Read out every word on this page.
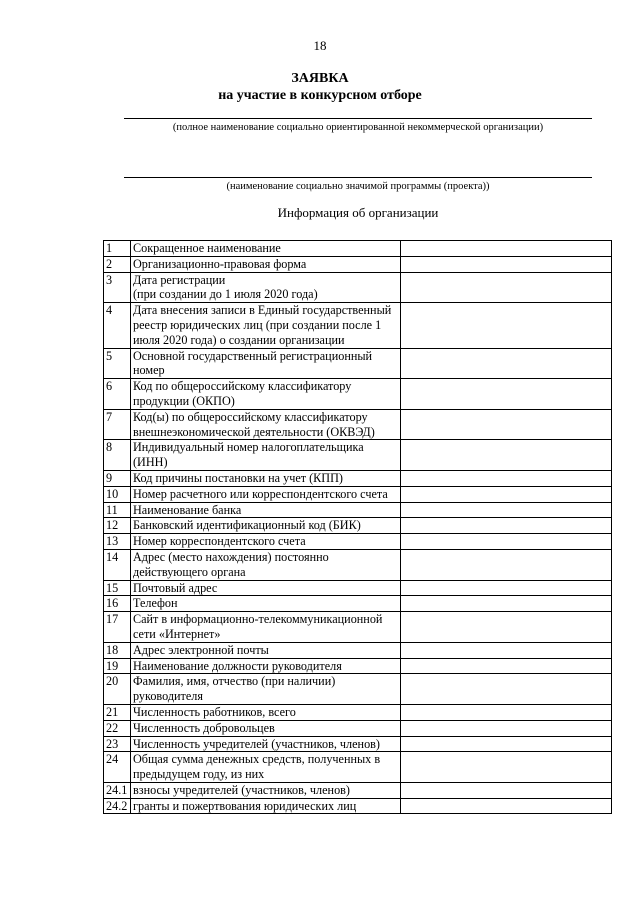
18
ЗАЯВКА
на участие в конкурсном отборе
(полное наименование социально ориентированной некоммерческой организации)
(наименование социально значимой программы (проекта))
Информация об организации
1	Сокращенное наименование	
2	Организационно-правовая форма	
3	Дата регистрации
(при создании до 1 июля 2020 года)	
4	Дата внесения записи в Единый государственный реестр юридических лиц (при создании после 1 июля 2020 года) о создании организации	
5	Основной государственный регистрационный номер	
6	Код по общероссийскому классификатору продукции (ОКПО)	
7	Код(ы) по общероссийскому классификатору внешнеэкономической деятельности (ОКВЭД)	
8	Индивидуальный номер налогоплательщика (ИНН)	
9	Код причины постановки на учет (КПП)	
10	Номер расчетного или корреспондентского счета	
11	Наименование банка	
12	Банковский идентификационный код (БИК)	
13	Номер корреспондентского счета	
14	Адрес (место нахождения) постоянно действующего органа	
15	Почтовый адрес	
16	Телефон	
17	Сайт в информационно-телекоммуникационной сети «Интернет»	
18	Адрес электронной почты	
19	Наименование должности руководителя	
20	Фамилия, имя, отчество (при наличии) руководителя	
21	Численность работников, всего	
22	Численность добровольцев	
23	Численность учредителей (участников, членов)	
24	Общая сумма денежных средств, полученных в предыдущем году, из них	
24.1	взносы учредителей (участников, членов)	
24.2	гранты и пожертвования юридических лиц	
